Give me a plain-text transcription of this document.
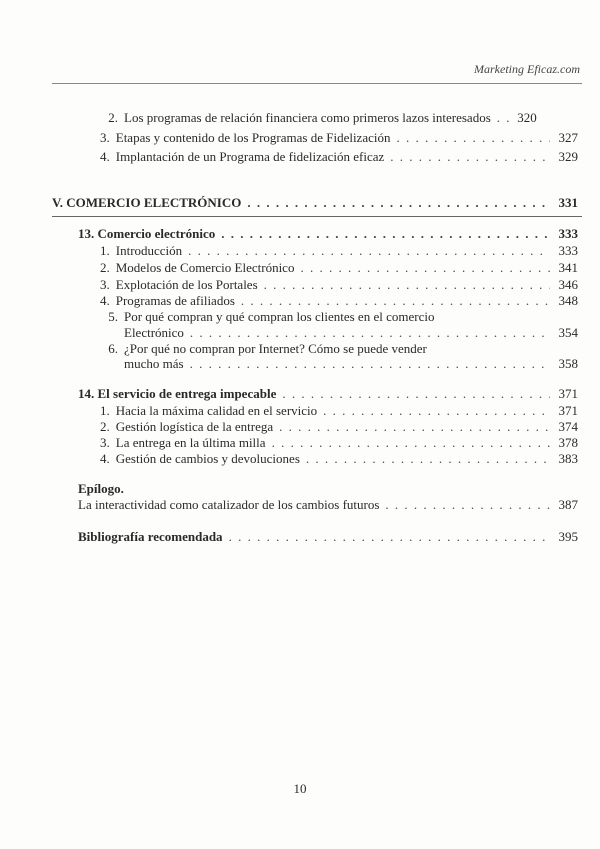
Marketing Eficaz.com
2. Los programas de relación financiera como primeros lazos interesados . . . 320
3. Etapas y contenido de los Programas de Fidelización . . .	327
4. Implantación de un Programa de fidelización eficaz . . .	329
V. COMERCIO ELECTRÓNICO . . .	331
13. Comercio electrónico . . .	333
1. Introducción . . .	333
2. Modelos de Comercio Electrónico . . .	341
3. Explotación de los Portales . . .	346
4. Programas de afiliados . . .	348
5. Por qué compran y qué compran los clientes en el comercio
Electrónico . . .	354
6. ¿Por qué no compran por Internet? Cómo se puede vender
mucho más . . .	358
14. El servicio de entrega impecable . . .	371
1. Hacia la máxima calidad en el servicio . . .	371
2. Gestión logística de la entrega . . .	374
3. La entrega en la última milla . . .	378
4. Gestión de cambios y devoluciones . . .	383
Epílogo.
La interactividad como catalizador de los cambios futuros . . .	387
Bibliografía recomendada . . .	395
10
